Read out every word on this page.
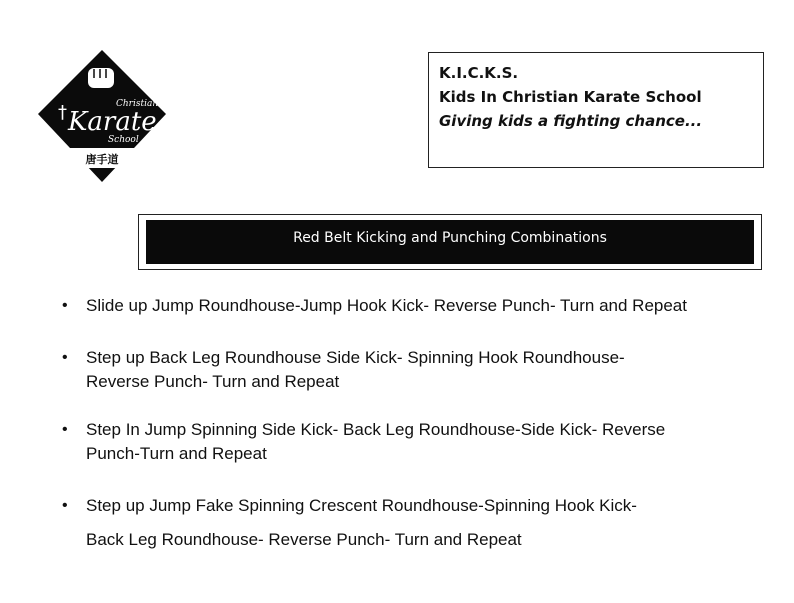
†	Christian
Karate
School
唐手道
K.I.C.K.S.
Kids In Christian Karate School
Giving kids a fighting chance...
Red Belt Kicking and Punching Combinations
• Slide up Jump Roundhouse-Jump Hook Kick- Reverse Punch- Turn and Repeat
• Step up Back Leg Roundhouse Side Kick- Spinning Hook Roundhouse-
Reverse Punch- Turn and Repeat
• Step In Jump Spinning Side Kick- Back Leg Roundhouse-Side Kick- Reverse
Punch-Turn and Repeat
• Step up Jump Fake Spinning Crescent Roundhouse-Spinning Hook Kick-
Back Leg Roundhouse- Reverse Punch- Turn and Repeat
